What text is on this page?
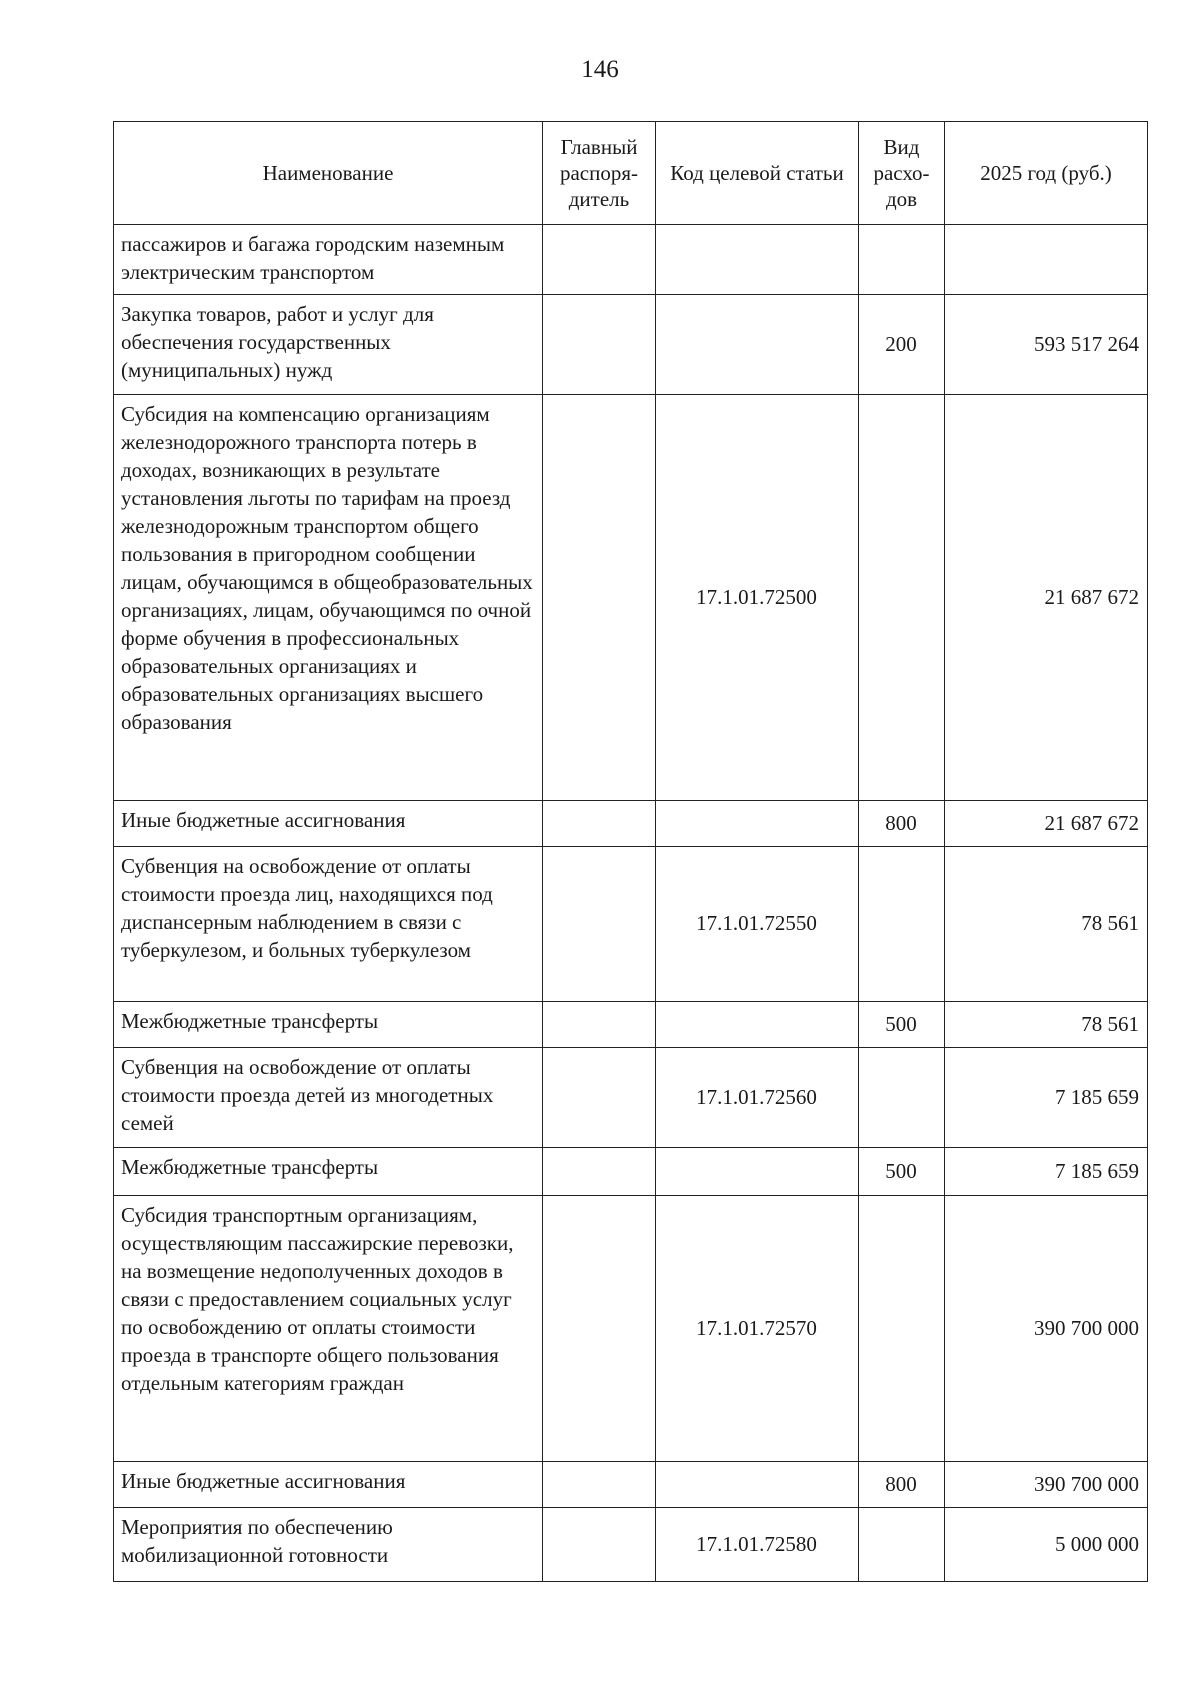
146
Наименование	Главный распоря-дитель	Код целевой статьи	Вид расхо-дов	2025 год (руб.)
пассажиров и багажа городским наземным электрическим транспортом				
Закупка товаров, работ и услуг для обеспечения государственных (муниципальных) нужд			200	593 517 264
Субсидия на компенсацию организациям железнодорожного транспорта потерь в доходах, возникающих в результате установления льготы по тарифам на проезд железнодорожным транспортом общего пользования в пригородном сообщении лицам, обучающимся в общеобразовательных организациях, лицам, обучающимся по очной форме обучения в профессиональных образовательных организациях и образовательных организациях высшего образования		17.1.01.72500		21 687 672
Иные бюджетные ассигнования			800	21 687 672
Субвенция на освобождение от оплаты стоимости проезда лиц, находящихся под диспансерным наблюдением в связи с туберкулезом, и больных туберкулезом		17.1.01.72550		78 561
Межбюджетные трансферты			500	78 561
Субвенция на освобождение от оплаты стоимости проезда детей из многодетных семей		17.1.01.72560		7 185 659
Межбюджетные трансферты			500	7 185 659
Субсидия транспортным организациям, осуществляющим пассажирские перевозки, на возмещение недополученных доходов в связи с предоставлением социальных услуг по освобождению от оплаты стоимости проезда в транспорте общего пользования отдельным категориям граждан		17.1.01.72570		390 700 000
Иные бюджетные ассигнования			800	390 700 000
Мероприятия по обеспечению мобилизационной готовности		17.1.01.72580		5 000 000
